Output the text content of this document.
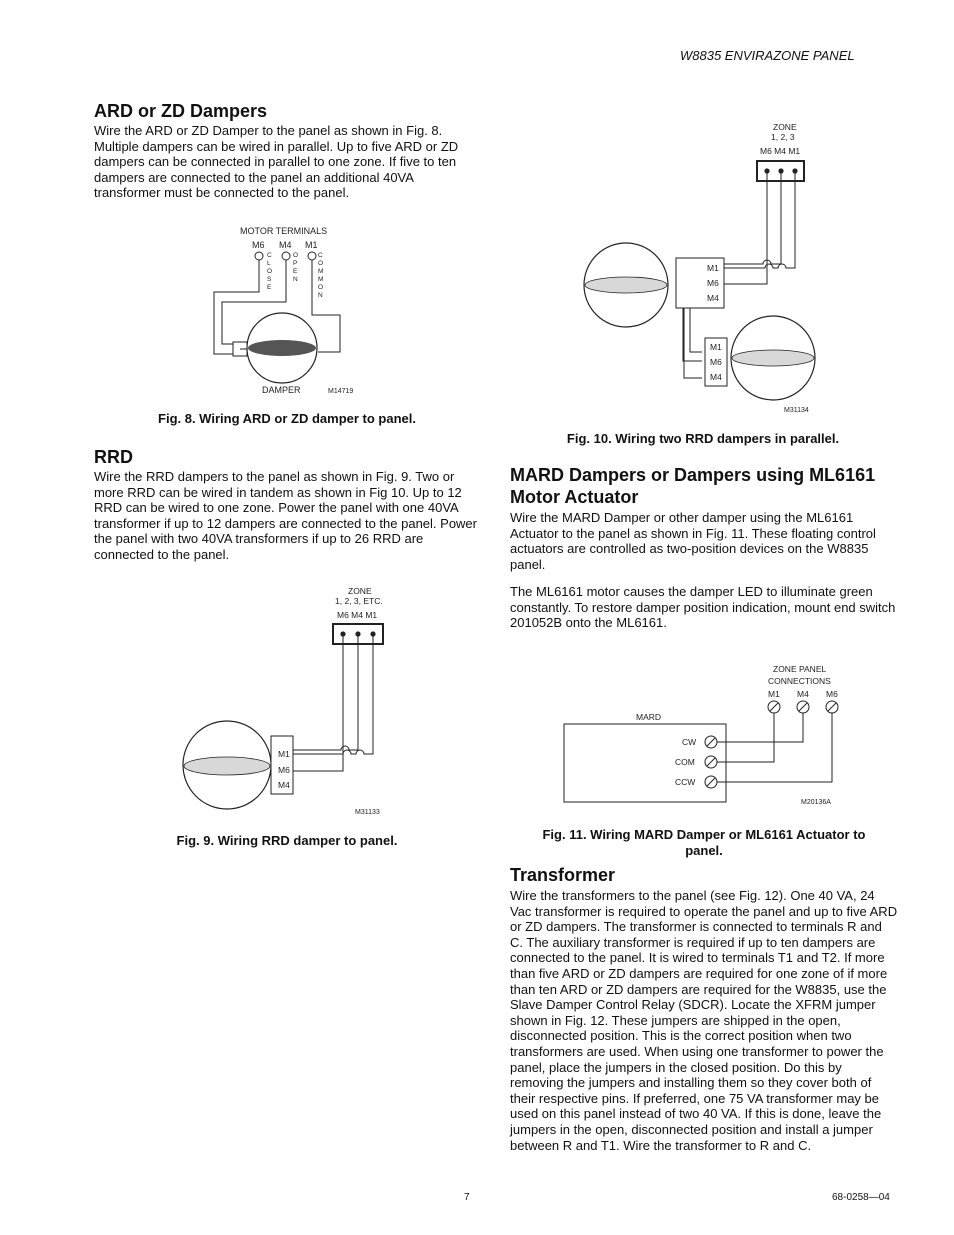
W8835 ENVIRAZONE PANEL
ARD or ZD Dampers

Wire the ARD or ZD Damper to the panel as shown in Fig. 8. Multiple dampers can be wired in parallel. Up to five ARD or ZD dampers can be connected in parallel to one zone. If five to ten dampers are connected to the panel an additional 40VA transformer must be connected to the panel.

MOTOR TERMINALS
M6 M4 M1
C
L
O
S
E
O
P
E
N
C
O
M
M
O
N
DAMPER	M14719
Fig. 8. Wiring ARD or ZD damper to panel.
RRD

Wire the RRD dampers to the panel as shown in Fig. 9. Two or more RRD can be wired in tandem as shown in Fig 10. Up to 12 RRD can be wired to one zone. Power the panel with one 40VA transformer if up to 12 dampers are connected to the panel. Power the panel with two 40VA transformers if up to 26 RRD are connected to the panel.

ZONE
1, 2, 3, ETC.
M6 M4 M1
M1
M6
M4
M31133
Fig. 9. Wiring RRD damper to panel.
ZONE
1, 2, 3
M6 M4 M1
M1
M6
M4
M1
M6
M4
M31134
Fig. 10. Wiring two RRD dampers in parallel.
MARD Dampers or Dampers using ML6161 Motor Actuator

Wire the MARD Damper or other damper using the ML6161 Actuator to the panel as shown in Fig. 11. These floating control actuators are controlled as two-position devices on the W8835 panel.

The ML6161 motor causes the damper LED to illuminate green constantly. To restore damper position indication, mount end switch 201052B onto the ML6161.

ZONE PANEL
CONNECTIONS
M1 M4 M6
MARD
CW
COM
CCW
M20136A
Fig. 11. Wiring MARD Damper or ML6161 Actuator to
panel.
Transformer

Wire the transformers to the panel (see Fig. 12). One 40 VA, 24 Vac transformer is required to operate the panel and up to five ARD or ZD dampers. The transformer is connected to terminals R and C. The auxiliary transformer is required if up to ten dampers are connected to the panel. It is wired to terminals T1 and T2. If more than five ARD or ZD dampers are required for one zone of if more than ten ARD or ZD dampers are required for the W8835, use the Slave Damper Control Relay (SDCR). Locate the XFRM jumper shown in Fig. 12. These jumpers are shipped in the open, disconnected position. This is the correct position when two transformers are used. When using one transformer to power the panel, place the jumpers in the closed position. Do this by removing the jumpers and installing them so they cover both of their respective pins. If preferred, one 75 VA transformer may be used on this panel instead of two 40 VA. If this is done, leave the jumpers in the open, disconnected position and install a jumper between R and T1. Wire the transformer to R and C.

7	68-0258—04
